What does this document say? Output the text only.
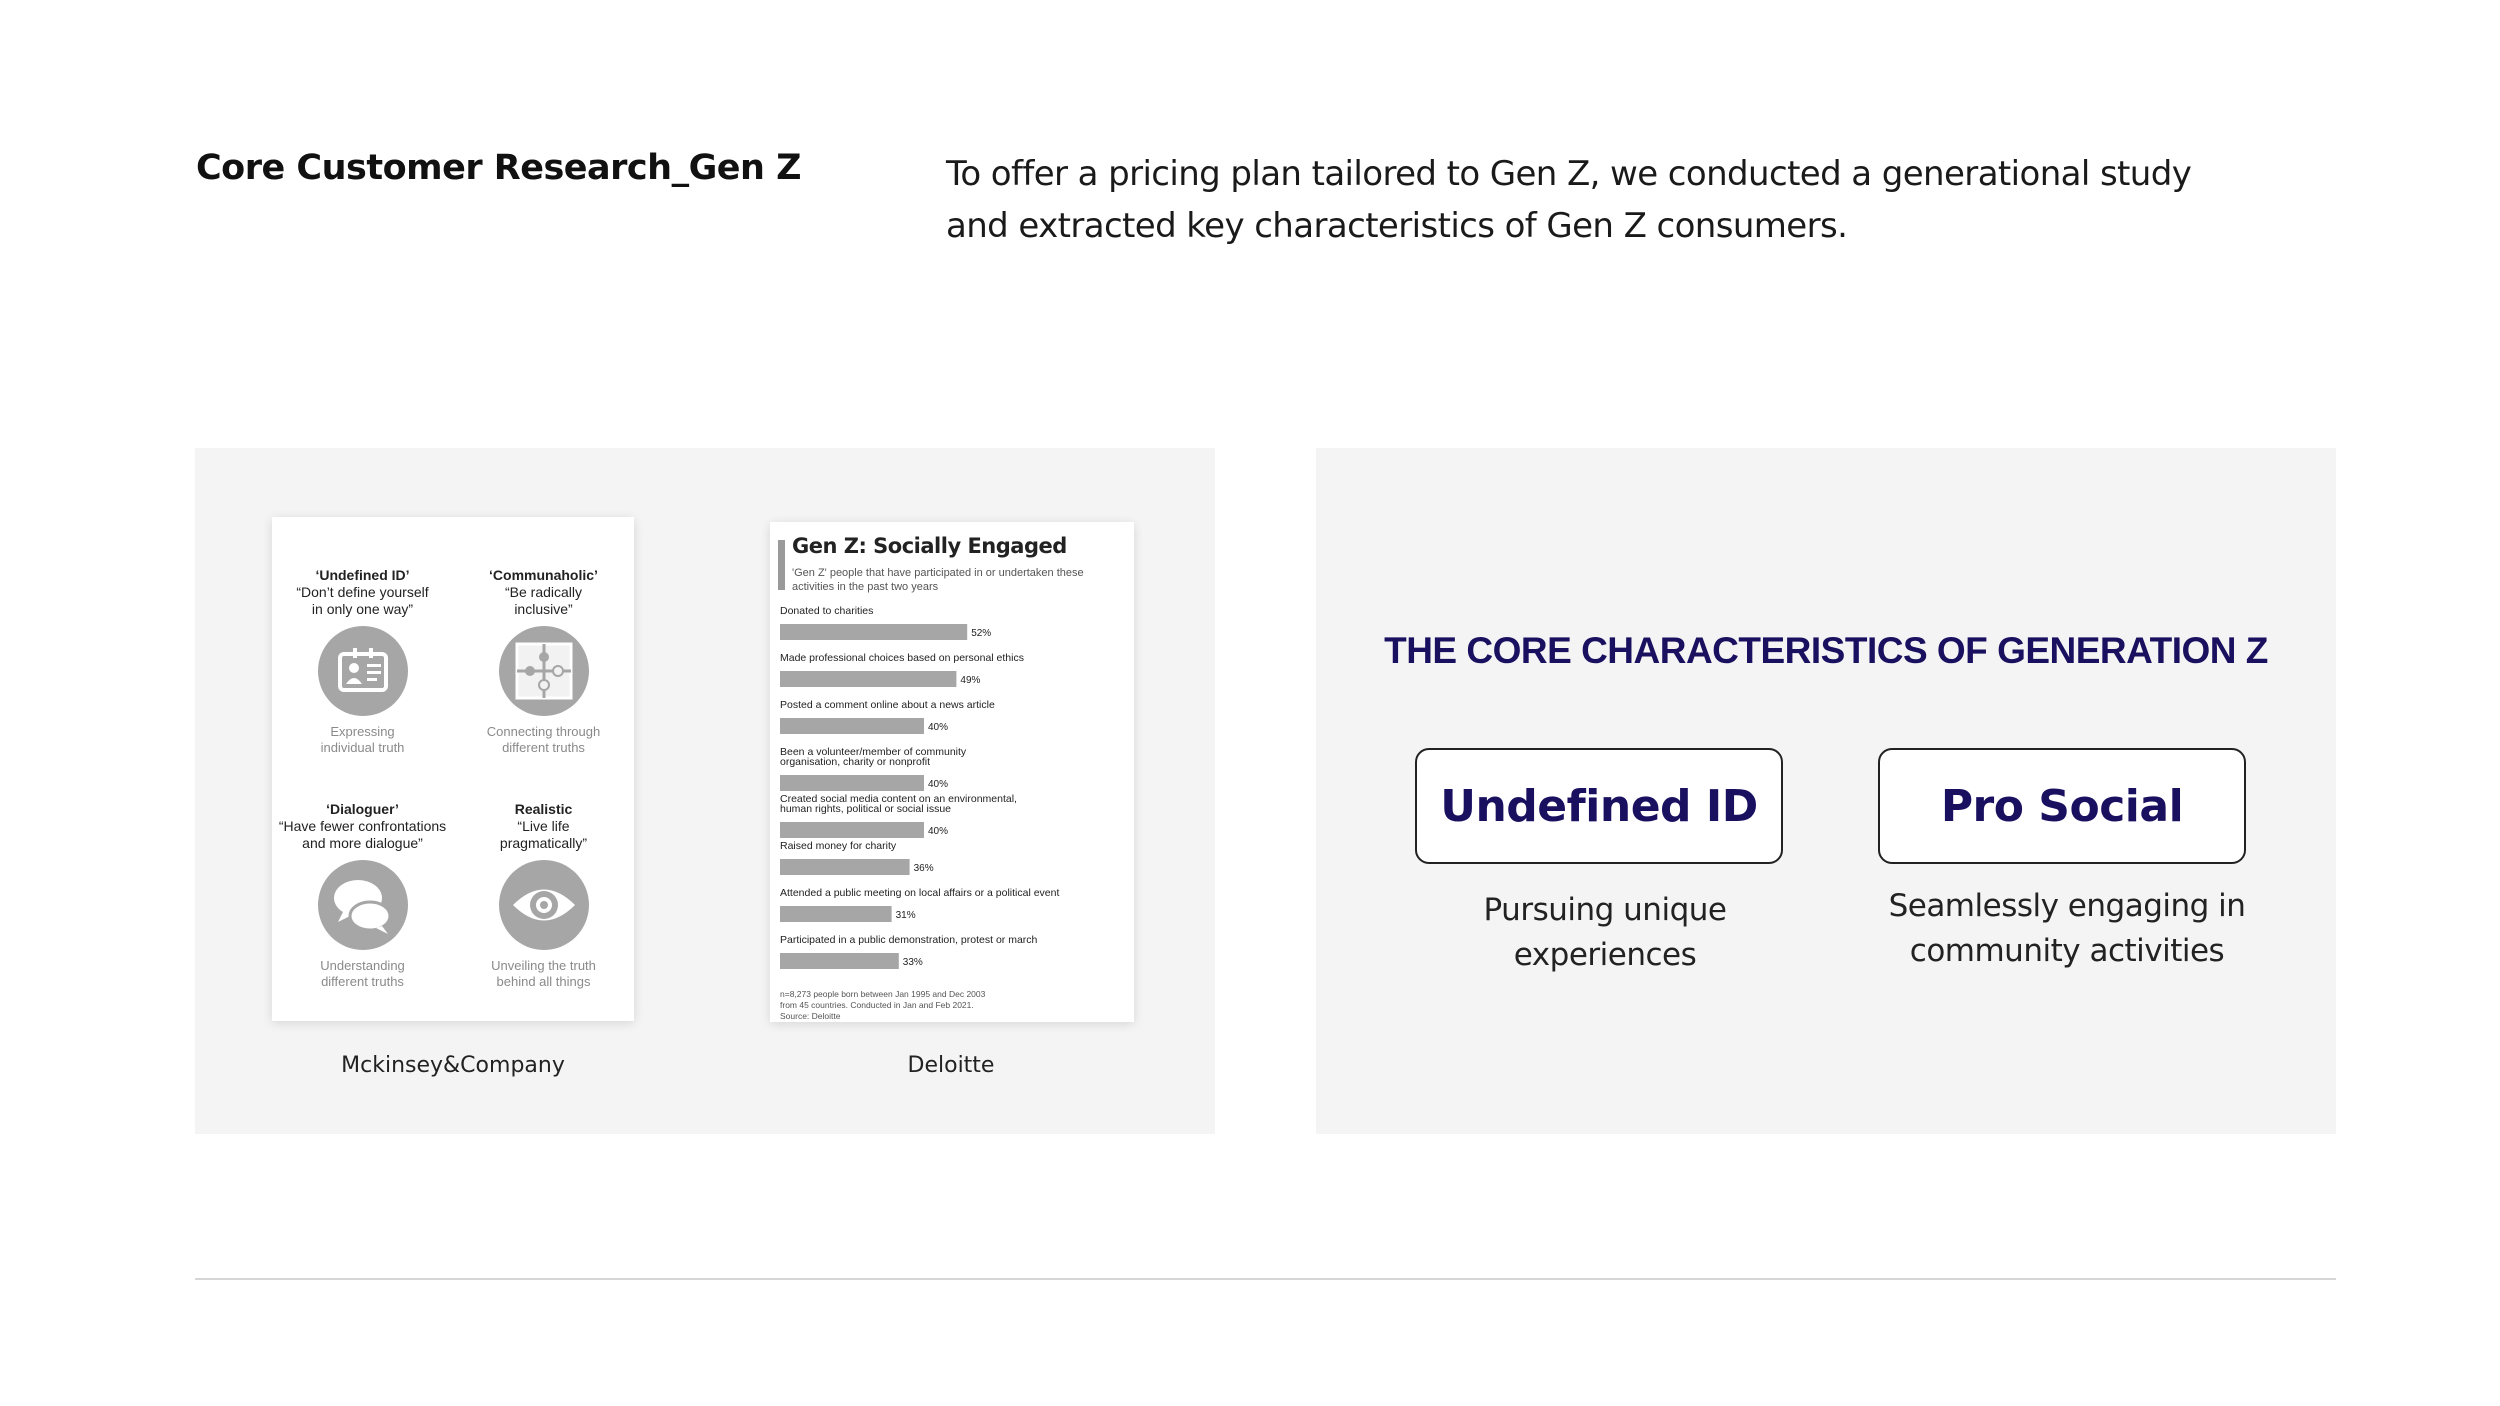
Core Customer Research_Gen Z	To offer a pricing plan tailored to Gen Z, we conducted a generational study
and extracted key characteristics of Gen Z consumers.
‘Undefined ID’
“Don’t define yourself
in only one way”
Expressing
individual truth
‘Communaholic’
“Be radically
inclusive”
Connecting through
different truths
‘Dialoguer’
“Have fewer confrontations
and more dialogue”
Understanding
different truths
Realistic
“Live life
pragmatically”
Unveiling the truth
behind all things
Mckinsey&Company
Gen Z: Socially Engaged
'Gen Z' people that have participated in or undertaken these activities in the past two years
Donated to charities
52%
Made professional choices based on personal ethics
49%
Posted a comment online about a news article
40%
Been a volunteer/member of community
organisation, charity or nonprofit
40%
Created social media content on an environmental,
human rights, political or social issue
40%
Raised money for charity
36%
Attended a public meeting on local affairs or a political event
31%
Participated in a public demonstration, protest or march
33%
n=8,273 people born between Jan 1995 and Dec 2003
from 45 countries. Conducted in Jan and Feb 2021.
Source: Deloitte
Deloitte
THE CORE CHARACTERISTICS OF GENERATION Z
Undefined ID
Pursuing unique experiences
Pro Social
Seamlessly engaging in
community activities
